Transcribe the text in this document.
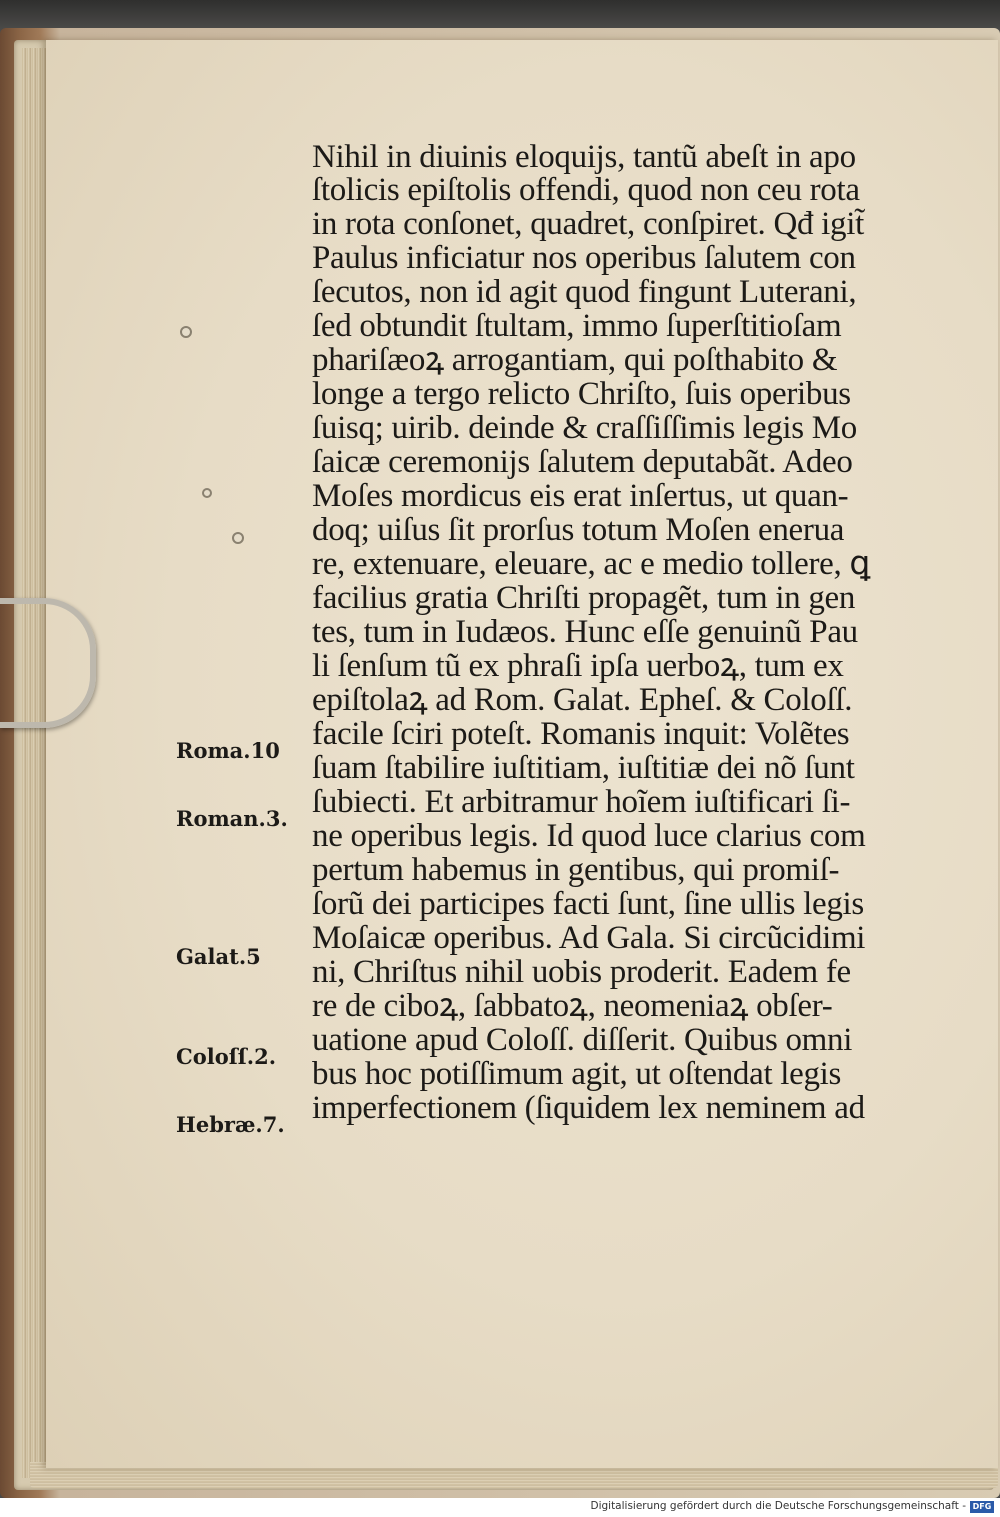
Nihil in diuinis eloquijs, tantũ abeſt in apo
ſtolicis epiſtolis offendi, quod non ceu rota
in rota conſonet, quadret, conſpiret. Qđ igit̃
Paulus inficiatur nos operibus ſalutem con
ſecutos, non id agit quod fingunt Luterani,
ſed obtundit ſtultam, immo ſuperſtitioſam
phariſæoꝝ arrogantiam, qui poſthabito &
longe a tergo relicto Chriſto, ſuis operibus
ſuisq; uirib. deinde & craſſiſſimis legis Mo
ſaicæ ceremonijs ſalutem deputabãt. Adeo
Moſes mordicus eis erat inſertus, ut quan-
doq; uiſus ſit prorſus totum Moſen enerua
re, extenuare, eleuare, ac e medio tollere, ꝗ
facilius gratia Chriſti propagẽt, tum in gen
tes, tum in Iudæos. Hunc eſſe genuinũ Pau
li ſenſum tũ ex phraſi ipſa uerboꝝ, tum ex
epiſtolaꝝ ad Rom. Galat. Epheſ. & Coloſſ.
facile ſciri poteſt. Romanis inquit: Volẽtes
ſuam ſtabilire iuſtitiam, iuſtitiæ dei nõ ſunt
ſubiecti. Et arbitramur hoĩem iuſtificari ſi-
ne operibus legis. Id quod luce clarius com
pertum habemus in gentibus, qui promiſ-
ſorũ dei participes facti ſunt, ſine ullis legis
Moſaicæ operibus. Ad Gala. Si circũcidimi
ni, Chriſtus nihil uobis proderit. Eadem fe
re de ciboꝝ, ſabbatoꝝ, neomeniaꝝ obſer-
uatione apud Coloſſ. diſſerit. Quibus omni
bus hoc potiſſimum agit, ut oſtendat legis
imperfectionem (ſiquidem lex neminem ad
Roma.10
Roman.3.
Galat.5
Coloſſ.2.
Hebræ.7.
Digitalisierung gefördert durch die Deutsche Forschungsgemeinschaft - DFG
